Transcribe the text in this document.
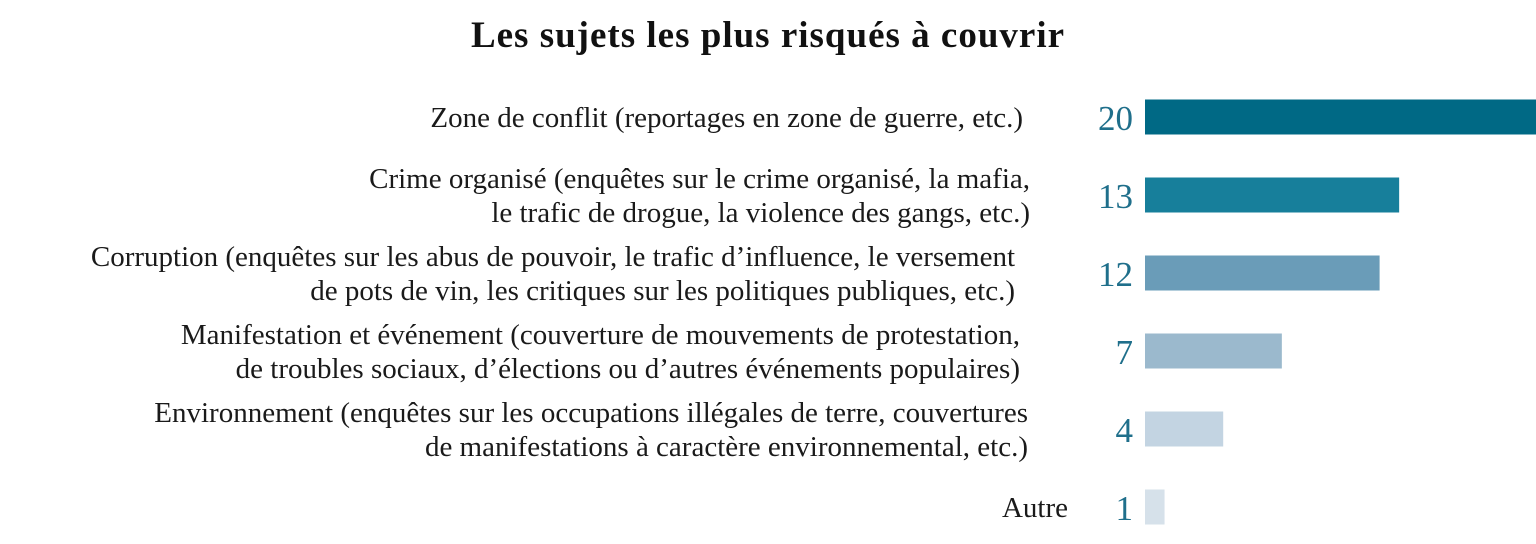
Les sujets les plus risqués à couvrir
20
13
12
7
4
1
Zone de conflit (reportages en zone de guerre, etc.)
Crime organisé (enquêtes sur le crime organisé, la mafia, le trafic de drogue, la violence des gangs, etc.)
Corruption (enquêtes sur les abus de pouvoir, le trafic d’influence, le versement de pots de vin, les critiques sur les politiques publiques, etc.)
Manifestation et événement (couverture de mouvements de protestation, de troubles sociaux, d’élections ou d’autres événements populaires)
Environnement (enquêtes sur les occupations illégales de terre, couvertures de manifestations à caractère environnemental, etc.)
Autre
